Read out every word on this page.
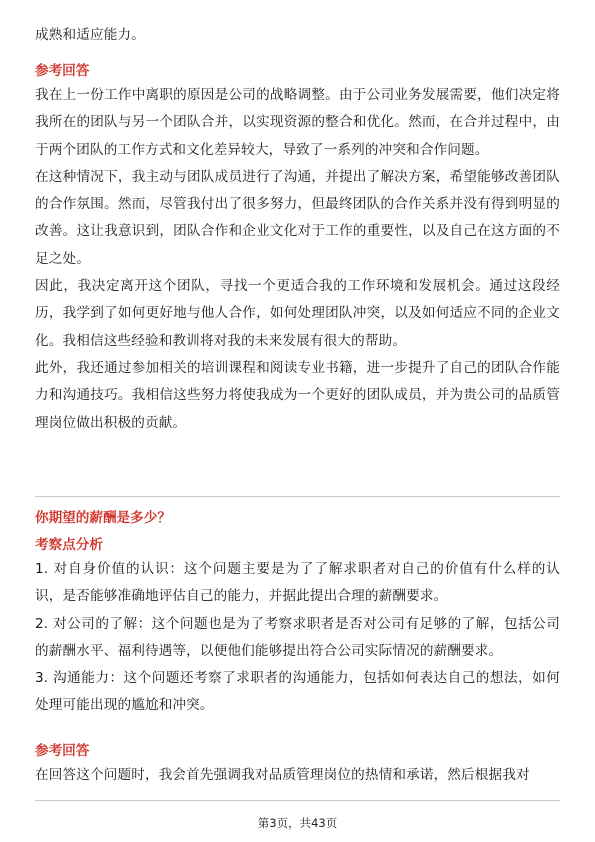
成熟和适应能力。

参考回答

我在上一份工作中离职的原因是公司的战略调整。由于公司业务发展需要，他们决定将我所在的团队与另一个团队合并，以实现资源的整合和优化。然而，在合并过程中，由于两个团队的工作方式和文化差异较大，导致了一系列的冲突和合作问题。

在这种情况下，我主动与团队成员进行了沟通，并提出了解决方案，希望能够改善团队的合作氛围。然而，尽管我付出了很多努力，但最终团队的合作关系并没有得到明显的改善。这让我意识到，团队合作和企业文化对于工作的重要性，以及自己在这方面的不足之处。

因此，我决定离开这个团队，寻找一个更适合我的工作环境和发展机会。通过这段经历，我学到了如何更好地与他人合作，如何处理团队冲突，以及如何适应不同的企业文化。我相信这些经验和教训将对我的未来发展有很大的帮助。

此外，我还通过参加相关的培训课程和阅读专业书籍，进一步提升了自己的团队合作能力和沟通技巧。我相信这些努力将使我成为一个更好的团队成员，并为贵公司的品质管理岗位做出积极的贡献。

你期望的薪酬是多少？

考察点分析

1. 对自身价值的认识：这个问题主要是为了了解求职者对自己的价值有什么样的认识，是否能够准确地评估自己的能力，并据此提出合理的薪酬要求。

2. 对公司的了解：这个问题也是为了考察求职者是否对公司有足够的了解，包括公司的薪酬水平、福利待遇等，以便他们能够提出符合公司实际情况的薪酬要求。

3. 沟通能力：这个问题还考察了求职者的沟通能力，包括如何表达自己的想法，如何处理可能出现的尴尬和冲突。

参考回答

在回答这个问题时，我会首先强调我对品质管理岗位的热情和承诺，然后根据我对

第3页，共43页
